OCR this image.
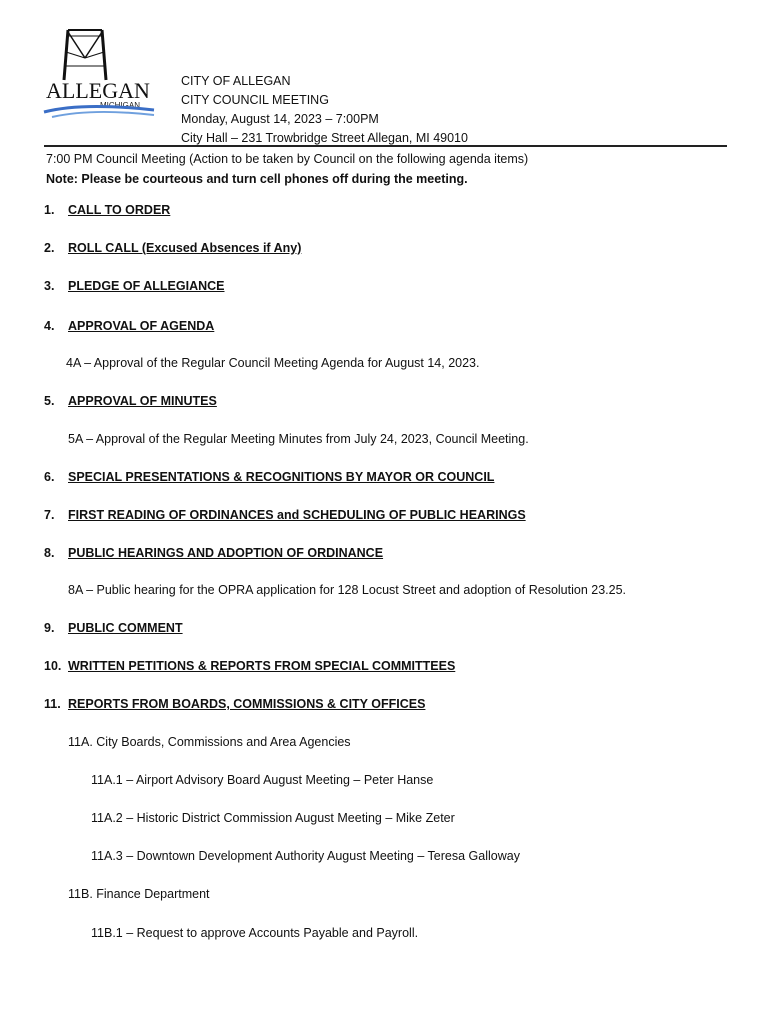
ALLEGAN
MICHIGAN
CITY OF ALLEGAN
CITY COUNCIL MEETING
Monday, August 14, 2023 – 7:00PM
City Hall – 231 Trowbridge Street Allegan, MI 49010
7:00 PM Council Meeting (Action to be taken by Council on the following agenda items)
Note: Please be courteous and turn cell phones off during the meeting.
1. CALL TO ORDER
2. ROLL CALL (Excused Absences if Any)
3. PLEDGE OF ALLEGIANCE
4. APPROVAL OF AGENDA
4A – Approval of the Regular Council Meeting Agenda for August 14, 2023.
5. APPROVAL OF MINUTES
5A – Approval of the Regular Meeting Minutes from July 24, 2023, Council Meeting.
6. SPECIAL PRESENTATIONS & RECOGNITIONS BY MAYOR OR COUNCIL
7. FIRST READING OF ORDINANCES and SCHEDULING OF PUBLIC HEARINGS
8. PUBLIC HEARINGS AND ADOPTION OF ORDINANCE
8A – Public hearing for the OPRA application for 128 Locust Street and adoption of Resolution 23.25.
9. PUBLIC COMMENT
10. WRITTEN PETITIONS & REPORTS FROM SPECIAL COMMITTEES
11. REPORTS FROM BOARDS, COMMISSIONS & CITY OFFICES
11A. City Boards, Commissions and Area Agencies
11A.1 – Airport Advisory Board August Meeting – Peter Hanse
11A.2 – Historic District Commission August Meeting – Mike Zeter
11A.3 – Downtown Development Authority August Meeting – Teresa Galloway
11B. Finance Department
11B.1 – Request to approve Accounts Payable and Payroll.
